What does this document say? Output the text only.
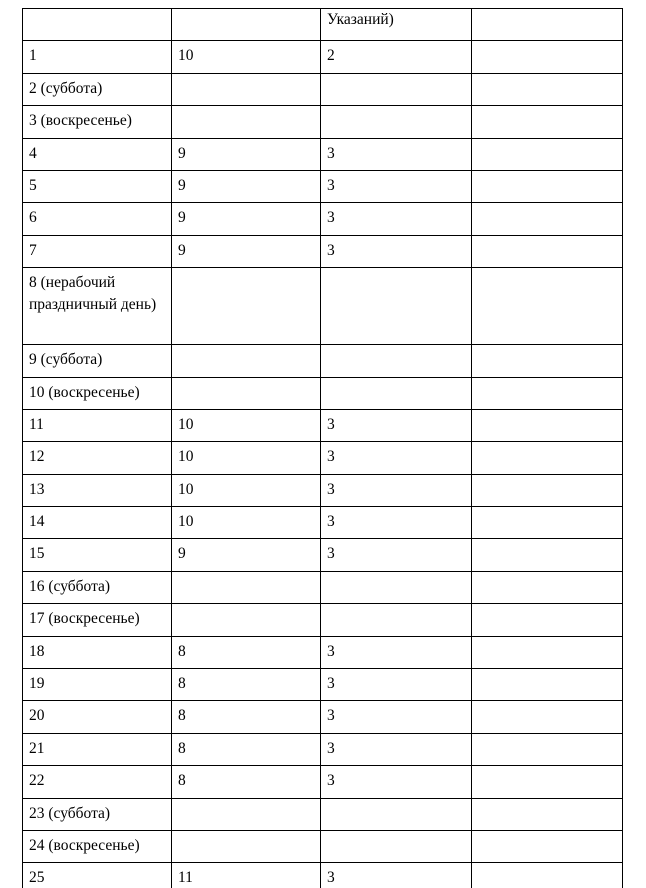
		Указаний)	
1	10	2	
2 (суббота)			
3 (воскресенье)			
4	9	3	
5	9	3	
6	9	3	
7	9	3	
8 (нерабочий праздничный день)			
9 (суббота)			
10 (воскресенье)			
11	10	3	
12	10	3	
13	10	3	
14	10	3	
15	9	3	
16 (суббота)			
17 (воскресенье)			
18	8	3	
19	8	3	
20	8	3	
21	8	3	
22	8	3	
23 (суббота)			
24 (воскресенье)			
25	11	3	
